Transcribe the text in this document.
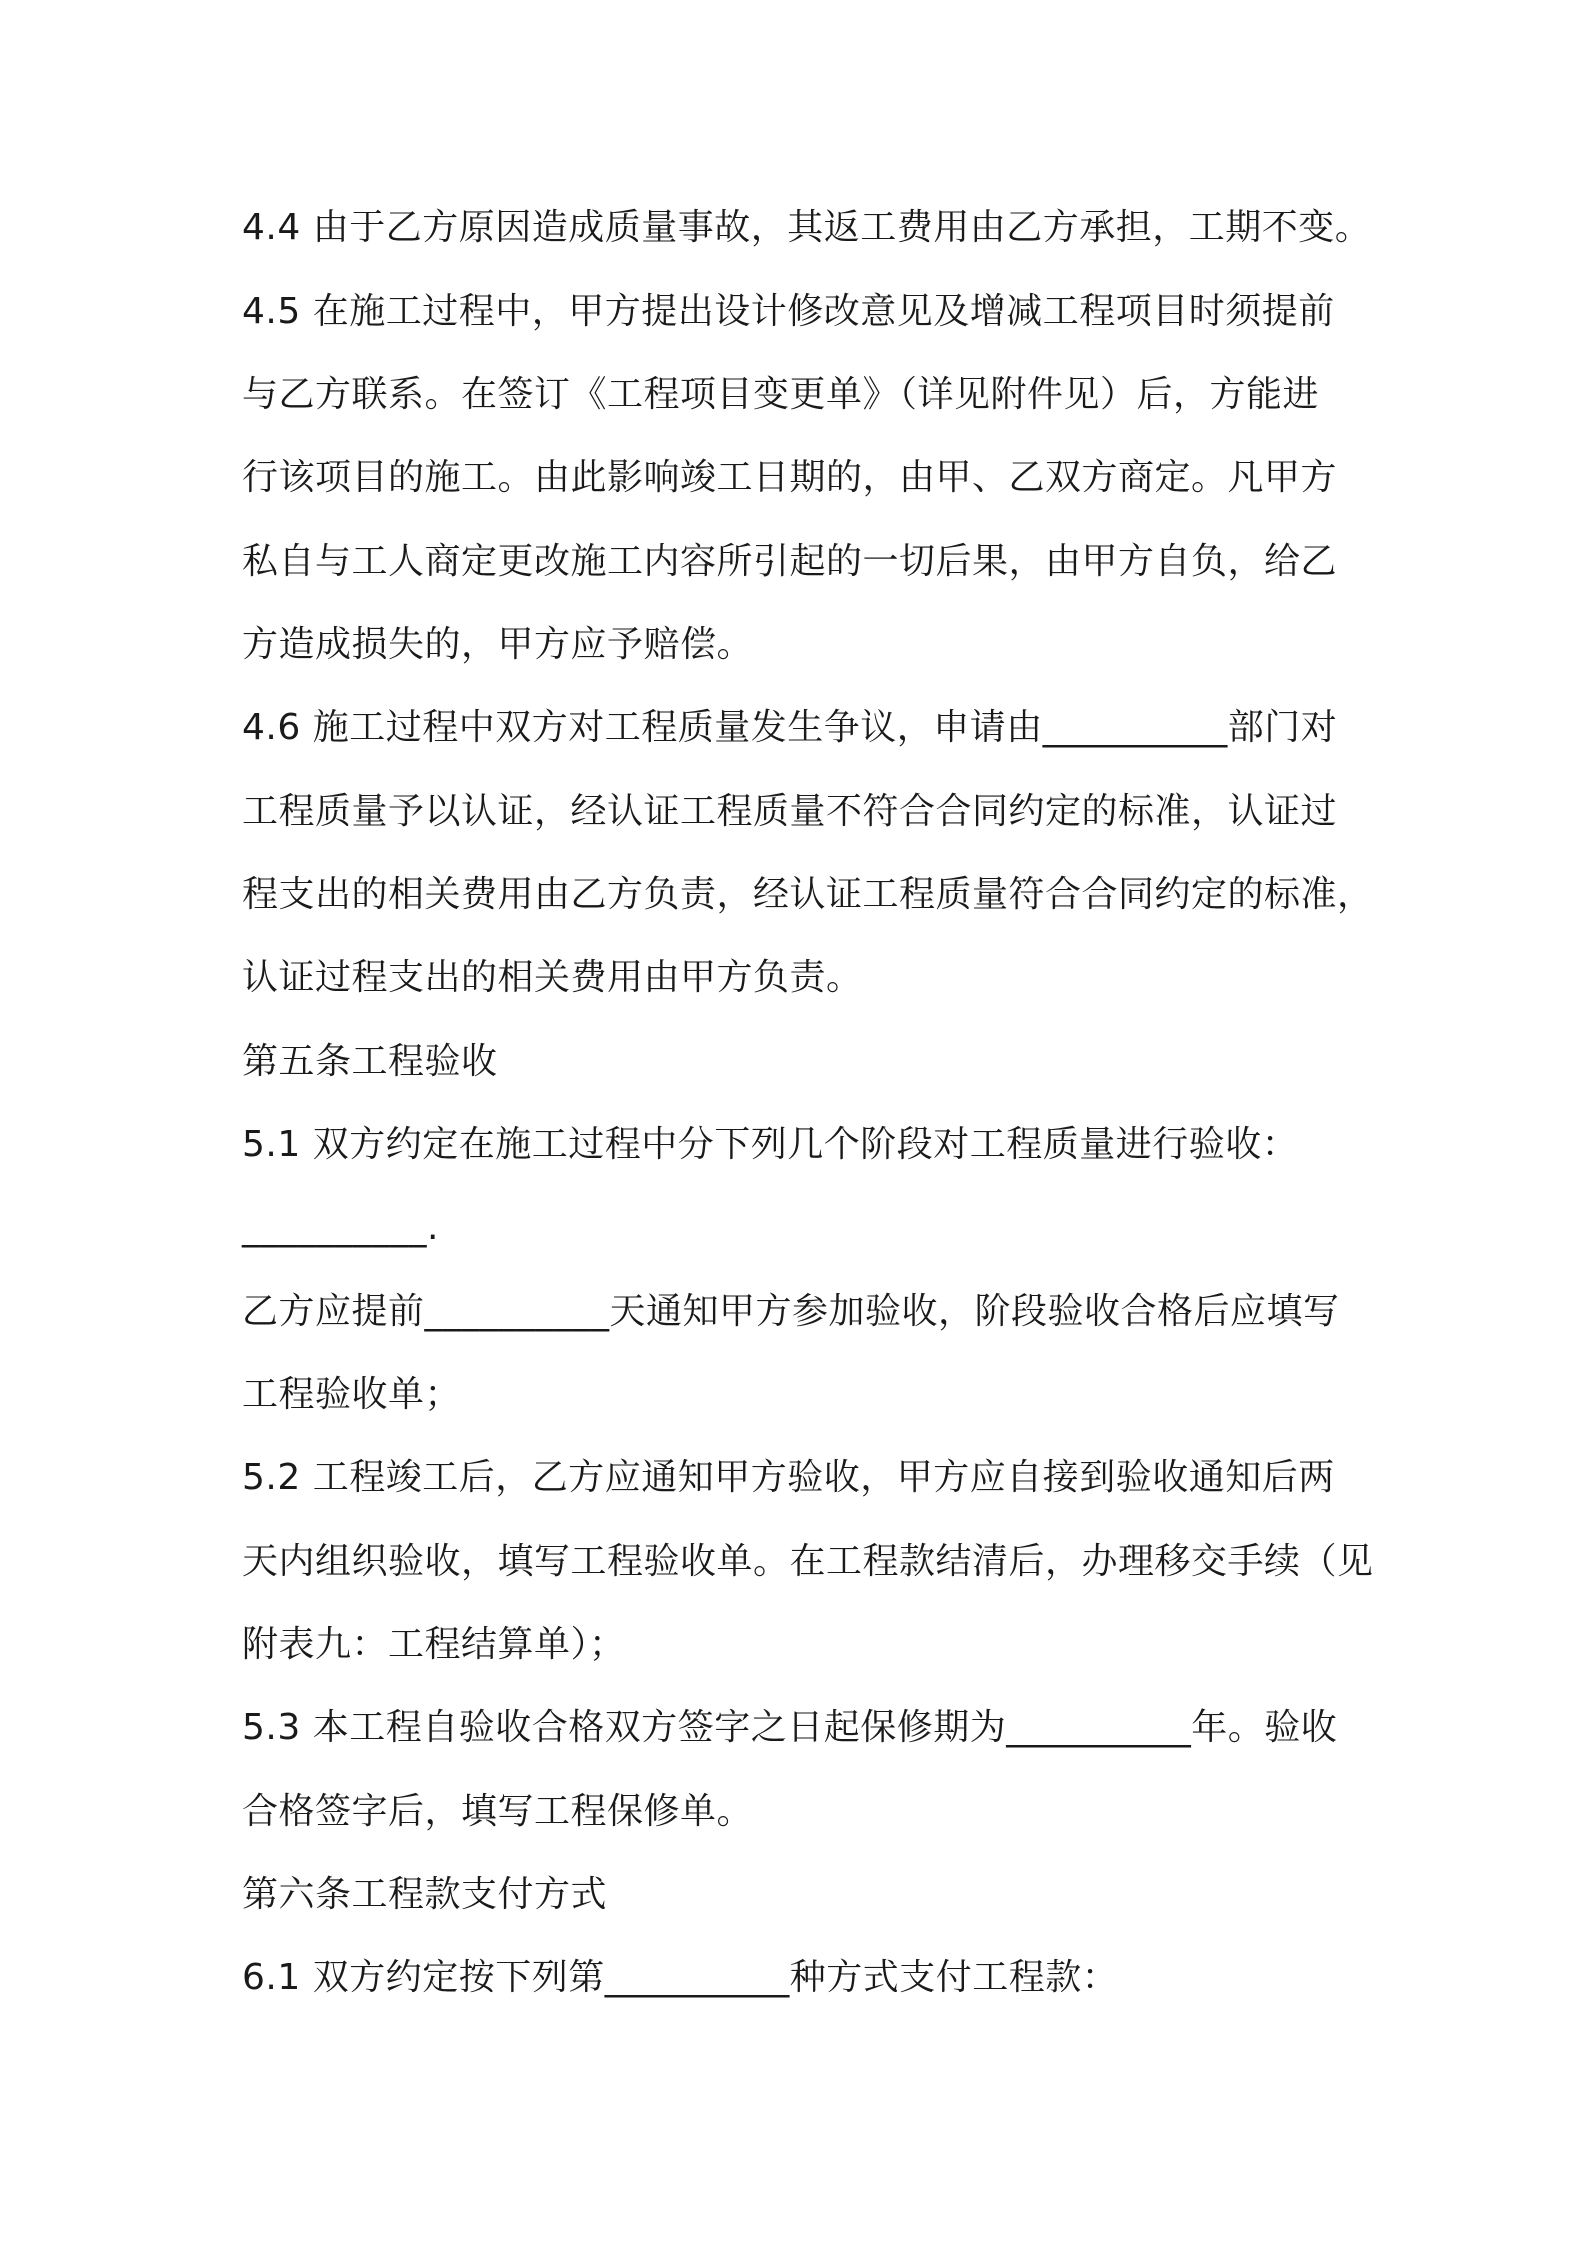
4.4 由于乙方原因造成质量事故，其返工费用由乙方承担，工期不变。
4.5 在施工过程中，甲方提出设计修改意见及增减工程项目时须提前
与乙方联系。在签订《工程项目变更单》（详见附件见）后，方能进
行该项目的施工。由此影响竣工日期的，由甲、乙双方商定。凡甲方
私自与工人商定更改施工内容所引起的一切后果，由甲方自负，给乙
方造成损失的，甲方应予赔偿。
4.6 施工过程中双方对工程质量发生争议，申请由__________部门对
工程质量予以认证，经认证工程质量不符合合同约定的标准，认证过
程支出的相关费用由乙方负责，经认证工程质量符合合同约定的标准，
认证过程支出的相关费用由甲方负责。
第五条工程验收
5.1 双方约定在施工过程中分下列几个阶段对工程质量进行验收：
__________.
乙方应提前__________天通知甲方参加验收，阶段验收合格后应填写
工程验收单；
5.2 工程竣工后，乙方应通知甲方验收，甲方应自接到验收通知后两
天内组织验收，填写工程验收单。在工程款结清后，办理移交手续（见
附表九：工程结算单）；
5.3 本工程自验收合格双方签字之日起保修期为__________年。验收
合格签字后，填写工程保修单。
第六条工程款支付方式
6.1 双方约定按下列第__________种方式支付工程款：
